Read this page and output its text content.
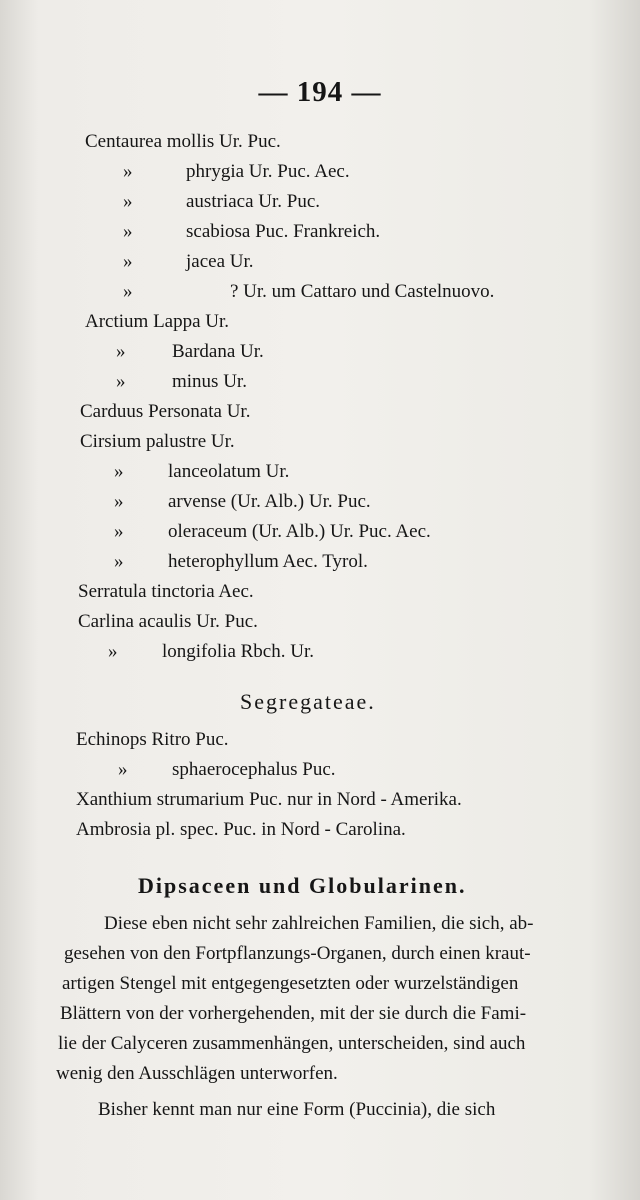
— 194 —
Centaurea mollis Ur. Puc.
»	phrygia Ur. Puc. Aec.
»	austriaca Ur. Puc.
»	scabiosa Puc. Frankreich.
»	jacea Ur.
»	? Ur. um Cattaro und Castelnuovo.
Arctium Lappa Ur.
» Bardana Ur.
» minus Ur.
Carduus Personata Ur.
Cirsium palustre Ur.
» lanceolatum Ur.
» arvense (Ur. Alb.) Ur. Puc.
» oleraceum (Ur. Alb.) Ur. Puc. Aec.
» heterophyllum Aec. Tyrol.
Serratula tinctoria Aec.
Carlina acaulis Ur. Puc.
» longifolia Rbch. Ur.
Segregateae.
Echinops Ritro Puc.
» sphaerocephalus Puc.
Xanthium strumarium Puc. nur in Nord - Amerika.
Ambrosia pl. spec. Puc. in Nord - Carolina.
Dipsaceen und Globularinen.
Diese eben nicht sehr zahlreichen Familien, die sich, ab-
gesehen von den Fortpflanzungs-Organen, durch einen kraut-
artigen Stengel mit entgegengesetzten oder wurzelständigen
Blättern von der vorhergehenden, mit der sie durch die Fami-
lie der Calyceren zusammenhängen, unterscheiden, sind auch
wenig den Ausschlägen unterworfen.
Bisher kennt man nur eine Form (Puccinia), die sich
